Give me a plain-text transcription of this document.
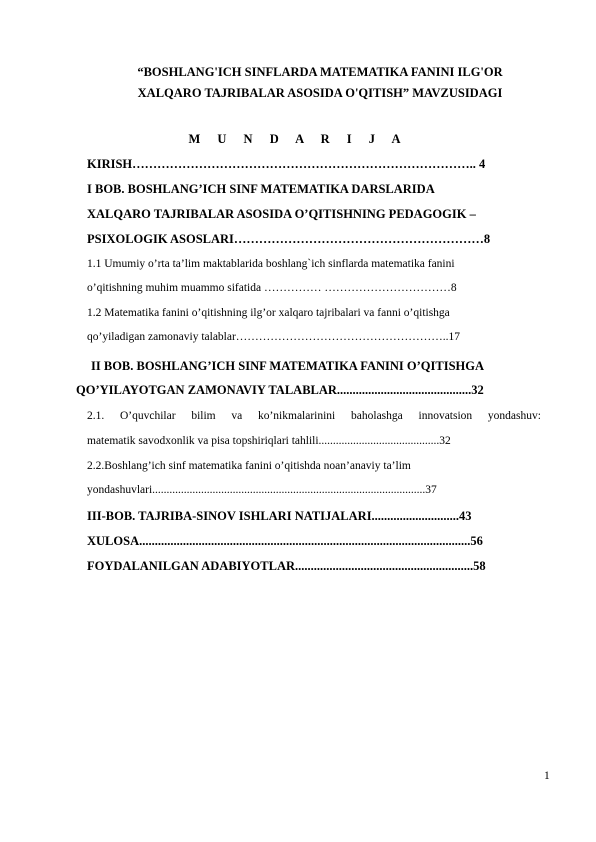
“BOSHLANG'ICH SINFLARDA MATEMATIKA FANINI ILG'OR
XALQARO TAJRIBALAR ASOSIDA O'QITISH” MAVZUSIDAGI
M U N D A R I J A
KIRISH……………………………………………………………………….. 4
I BOB. BOSHLANG’ICH SINF MATEMATIKA DARSLARIDA
XALQARO TAJRIBALAR ASOSIDA O’QITISHNING PEDAGOGIK –
PSIXOLOGIK ASOSLARI……………………………………………………8
1.1 Umumiy o’rta ta’lim maktablarida boshlang`ich sinflarda matematika fanini
o’qitishning muhim muammo sifatida …………… ……………………………8
1.2 Matematika fanini o’qitishning ilg’or xalqaro tajribalari va fanni o’qitishga
qo’yiladigan zamonaviy talablar………………………………………………..17
II BOB. BOSHLANG’ICH SINF MATEMATIKA FANINI O’QITISHGA
QO’YILAYOTGAN ZAMONAVIY TALABLAR...........................................32
2.1. O’quvchilar bilim va ko’nikmalarinini baholashga innovatsion yondashuv:
matematik savodxonlik va pisa topshiriqlari tahlili..........................................32
2.2.Boshlang’ich sinf matematika fanini o’qitishda noan’anaviy ta’lim
yondashuvlari...............................................................................................37
III-BOB. TAJRIBA-SINOV ISHLARI NATIJALARI............................43
XULOSA..........................................................................................................56
FOYDALANILGAN ADABIYOTLAR.........................................................58
1
